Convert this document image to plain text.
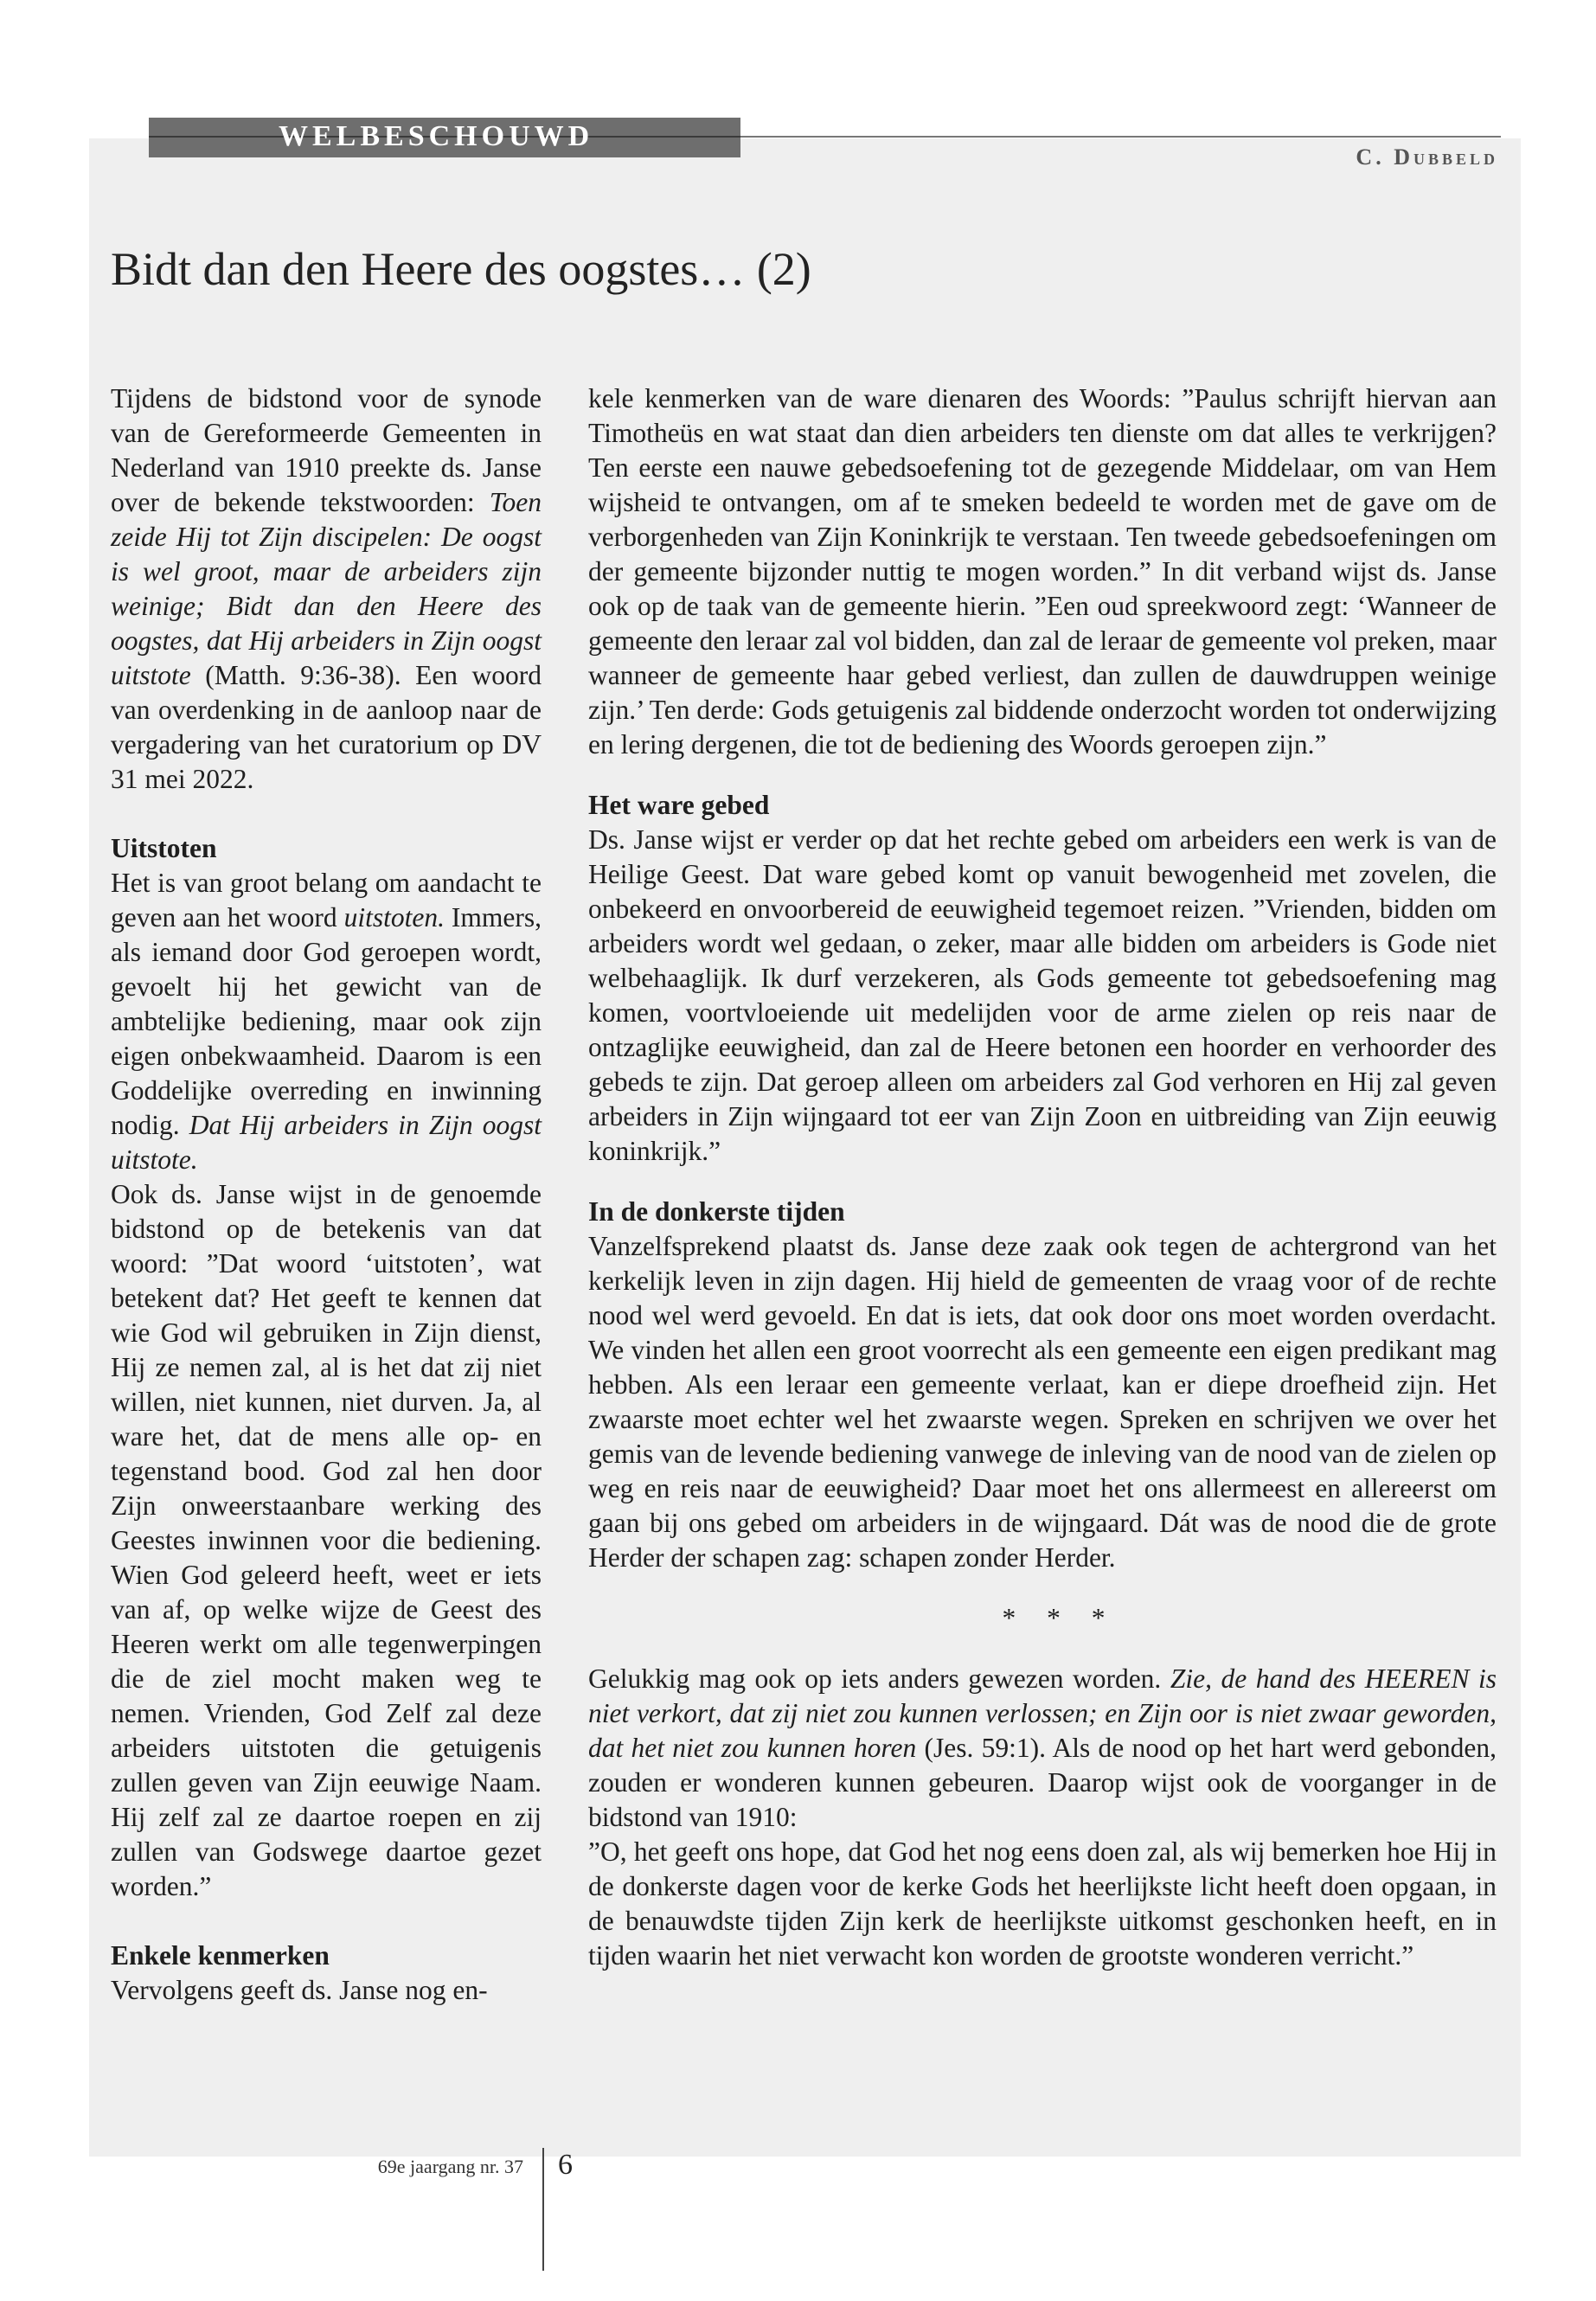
WELBESCHOUWD
C. Dubbeld
Bidt dan den Heere des oogstes… (2)

Tijdens de bidstond voor de synode van de Gereformeerde Gemeenten in Nederland van 1910 preekte ds. Janse over de bekende tekstwoorden: Toen zeide Hij tot Zijn discipelen: De oogst is wel groot, maar de arbeiders zijn weinige; Bidt dan den Heere des oogstes, dat Hij arbeiders in Zijn oogst uitstote (Matth. 9:36-38). Een woord van overdenking in de aanloop naar de vergadering van het curatorium op DV 31 mei 2022.

Uitstoten

Het is van groot belang om aandacht te geven aan het woord uitstoten. Immers, als iemand door God geroepen wordt, gevoelt hij het gewicht van de ambtelijke bediening, maar ook zijn eigen onbekwaamheid. Daarom is een Goddelijke overreding en inwinning nodig. Dat Hij arbeiders in Zijn oogst uitstote.

Ook ds. Janse wijst in de genoemde bidstond op de betekenis van dat woord: ”Dat woord ‘uitstoten’, wat betekent dat? Het geeft te kennen dat wie God wil gebruiken in Zijn dienst, Hij ze nemen zal, al is het dat zij niet willen, niet kunnen, niet durven. Ja, al ware het, dat de mens alle op- en tegenstand bood. God zal hen door Zijn onweerstaanbare werking des Geestes inwinnen voor die bediening. Wien God geleerd heeft, weet er iets van af, op welke wijze de Geest des Heeren werkt om alle tegenwerpingen die de ziel mocht maken weg te nemen. Vrienden, God Zelf zal deze arbeiders uitstoten die getuigenis zullen geven van Zijn eeuwige Naam. Hij zelf zal ze daartoe roepen en zij zullen van Godswege daartoe gezet worden.”

Enkele kenmerken

Vervolgens geeft ds. Janse nog en-

kele kenmerken van de ware dienaren des Woords: ”Paulus schrijft hiervan aan Timotheüs en wat staat dan dien arbeiders ten dienste om dat alles te verkrijgen? Ten eerste een nauwe gebedsoefening tot de gezegende Middelaar, om van Hem wijsheid te ontvangen, om af te smeken bedeeld te worden met de gave om de verborgenheden van Zijn Koninkrijk te verstaan. Ten tweede gebedsoefeningen om der gemeente bijzonder nuttig te mogen worden.” In dit verband wijst ds. Janse ook op de taak van de gemeente hierin. ”Een oud spreekwoord zegt: ‘Wanneer de gemeente den leraar zal vol bidden, dan zal de leraar de gemeente vol preken, maar wanneer de gemeente haar gebed verliest, dan zullen de dauwdruppen weinige zijn.’ Ten derde: Gods getuigenis zal biddende onderzocht worden tot onderwijzing en lering dergenen, die tot de bediening des Woords geroepen zijn.”

Het ware gebed

Ds. Janse wijst er verder op dat het rechte gebed om arbeiders een werk is van de Heilige Geest. Dat ware gebed komt op vanuit bewogenheid met zovelen, die onbekeerd en onvoorbereid de eeuwigheid tegemoet reizen. ”Vrienden, bidden om arbeiders wordt wel gedaan, o zeker, maar alle bidden om arbeiders is Gode niet welbehaaglijk. Ik durf verzekeren, als Gods gemeente tot gebedsoefening mag komen, voortvloeiende uit medelijden voor de arme zielen op reis naar de ontzaglijke eeuwigheid, dan zal de Heere betonen een hoorder en verhoorder des gebeds te zijn. Dat geroep alleen om arbeiders zal God verhoren en Hij zal geven arbeiders in Zijn wijngaard tot eer van Zijn Zoon en uitbreiding van Zijn eeuwig koninkrijk.”

In de donkerste tijden

Vanzelfsprekend plaatst ds. Janse deze zaak ook tegen de achtergrond van het kerkelijk leven in zijn dagen. Hij hield de gemeenten de vraag voor of de rechte nood wel werd gevoeld. En dat is iets, dat ook door ons moet worden overdacht. We vinden het allen een groot voorrecht als een gemeente een eigen predikant mag hebben. Als een leraar een gemeente verlaat, kan er diepe droefheid zijn. Het zwaarste moet echter wel het zwaarste wegen. Spreken en schrijven we over het gemis van de levende bediening vanwege de inleving van de nood van de zielen op weg en reis naar de eeuwigheid? Daar moet het ons allermeest en allereerst om gaan bij ons gebed om arbeiders in de wijngaard. Dát was de nood die de grote Herder der schapen zag: schapen zonder Herder.

* * *

Gelukkig mag ook op iets anders gewezen worden. Zie, de hand des HEEREN is niet verkort, dat zij niet zou kunnen verlossen; en Zijn oor is niet zwaar geworden, dat het niet zou kunnen horen (Jes. 59:1). Als de nood op het hart werd gebonden, zouden er wonderen kunnen gebeuren. Daarop wijst ook de voorganger in de bidstond van 1910:

”O, het geeft ons hope, dat God het nog eens doen zal, als wij bemerken hoe Hij in de donkerste dagen voor de kerke Gods het heerlijkste licht heeft doen opgaan, in de benauwdste tijden Zijn kerk de heerlijkste uitkomst geschonken heeft, en in tijden waarin het niet verwacht kon worden de grootste wonderen verricht.”

69e jaargang nr. 37 6
